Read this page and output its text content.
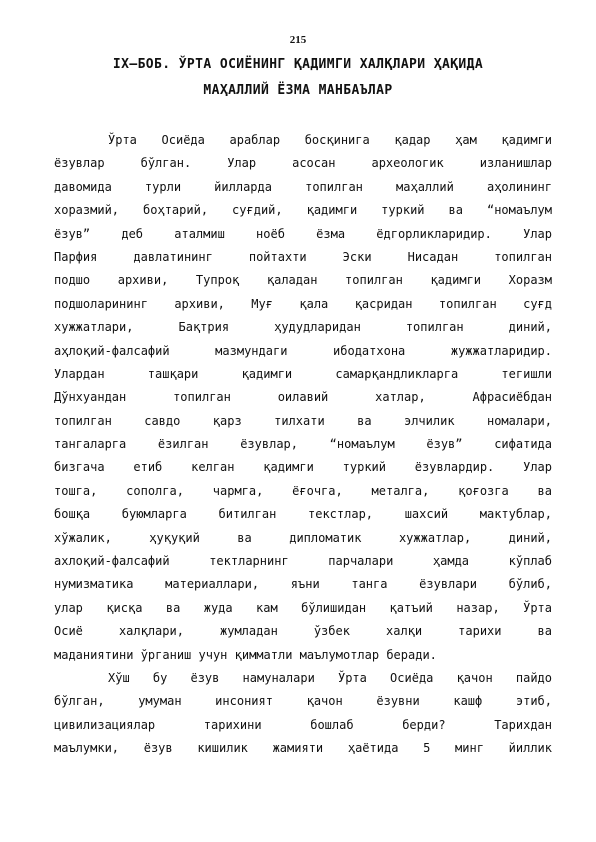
215
IX–БОБ. ЎРТА ОСИЁНИНГ ҚАДИМГИ ХАЛҚЛАРИ ҲАҚИДА
МАҲАЛЛИЙ ЁЗМА МАНБАЪЛАР
Ўрта Осиёда араблар босқинига қадар ҳам қадимги
ёзувлар бўлган. Улар асосан археологик изланишлар
давомида турли йилларда топилган маҳаллий аҳолининг
хоразмий, боҳтарий, суғдий, қадимги туркий ва “номаълум
ёзув” деб аталмиш ноёб ёзма ёдгорликларидир. Улар
Парфия давлатининг пойтахти Эски Нисадан топилган
подшо архиви, Тупроқ қаладан топилган қадимги Хоразм
подшоларининг архиви, Муғ қала қасридан топилган суғд
хужжатлари, Бақтрия ҳудудларидан топилган диний,
аҳлоқий-фалсафий мазмундаги ибодатхона жужжатларидир.
Улардан ташқари қадимги самарқандликларга тегишли
Дўнхуандан топилган оилавий хатлар, Афрасиёбдан
топилган савдо қарз тилхати ва элчилик номалари,
тангаларга ёзилган ёзувлар, “номаълум ёзув” сифатида
бизгача етиб келган қадимги туркий ёзувлардир. Улар
тошга, сополга, чармга, ёғочга, металга, қоғозга ва
бошқа буюмларга битилган текстлар, шахсий мактублар,
хўжалик, ҳуқуқий ва дипломатик хужжатлар, диний,
ахлоқий-фалсафий тектларнинг парчалари ҳамда кўплаб
нумизматика материаллари, яъни танга ёзувлари бўлиб,
улар қисқа ва жуда кам бўлишидан қатъий назар, Ўрта
Осиё халқлари, жумладан ўзбек халқи тарихи ва
маданиятини ўрганиш учун қимматли маълумотлар беради.
Хўш бу ёзув намуналари Ўрта Осиёда қачон пайдо
бўлган, умуман инсоният қачон ёзувни кашф этиб,
цивилизациялар тарихини бошлаб берди? Тарихдан
маълумки, ёзув кишилик жамияти ҳаётида 5 минг йиллик
